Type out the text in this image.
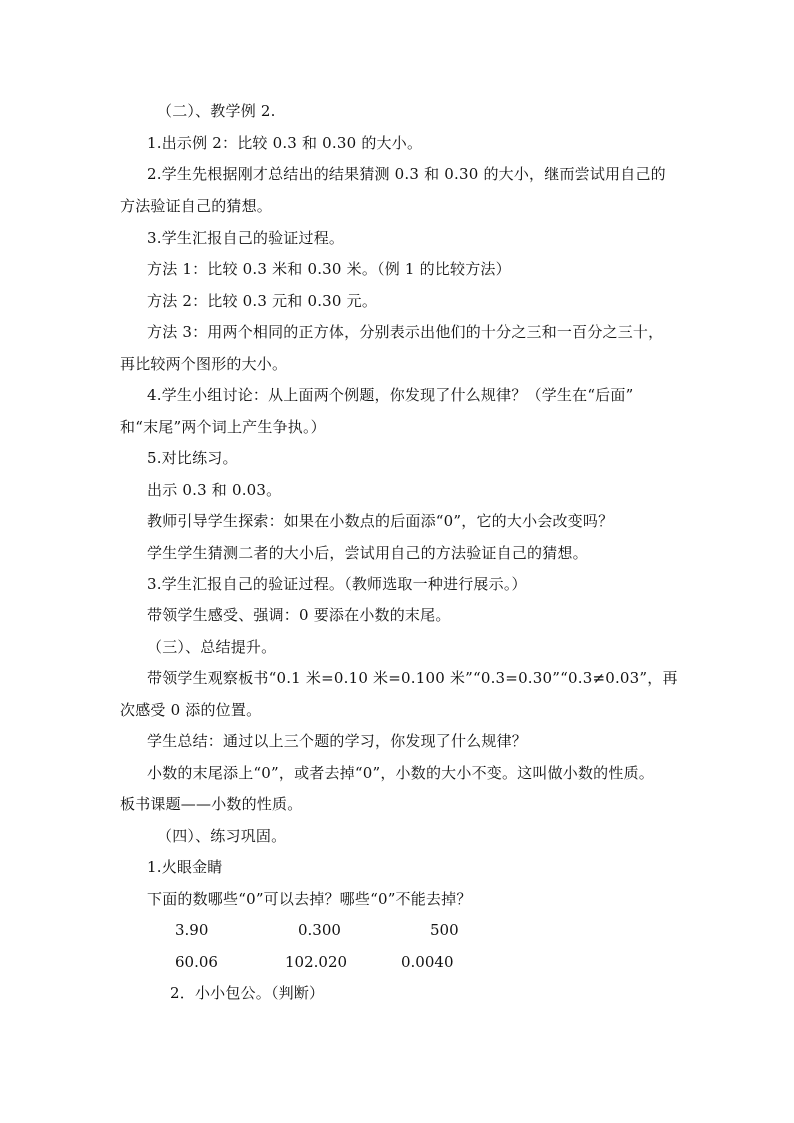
（二）、教学例 2.
1.出示例 2：比较 0.3 和 0.30 的大小。
2.学生先根据刚才总结出的结果猜测 0.3 和 0.30 的大小，继而尝试用自己的
方法验证自己的猜想。
3.学生汇报自己的验证过程。
方法 1：比较 0.3 米和 0.30 米。（例 1 的比较方法）
方法 2：比较 0.3 元和 0.30 元。
方法 3：用两个相同的正方体，分别表示出他们的十分之三和一百分之三十，
再比较两个图形的大小。
4.学生小组讨论：从上面两个例题，你发现了什么规律？（学生在“后面”
和“末尾”两个词上产生争执。）
5.对比练习。
出示 0.3 和 0.03。
教师引导学生探索：如果在小数点的后面添“0”，它的大小会改变吗？
学生学生猜测二者的大小后，尝试用自己的方法验证自己的猜想。
3.学生汇报自己的验证过程。（教师选取一种进行展示。）
带领学生感受、强调：0 要添在小数的末尾。
（三）、总结提升。
带领学生观察板书“0.1 米=0.10 米=0.100 米”“0.3=0.30”“0.3≠0.03”，再
次感受 0 添的位置。
学生总结：通过以上三个题的学习，你发现了什么规律？
小数的末尾添上“0”，或者去掉“0”，小数的大小不变。这叫做小数的性质。
板书课题——小数的性质。
（四）、练习巩固。
1.火眼金睛
下面的数哪些“0”可以去掉？哪些“0”不能去掉？
3.90	0.300	500
60.06	102.020	0.0040
2．小小包公。（判断）
